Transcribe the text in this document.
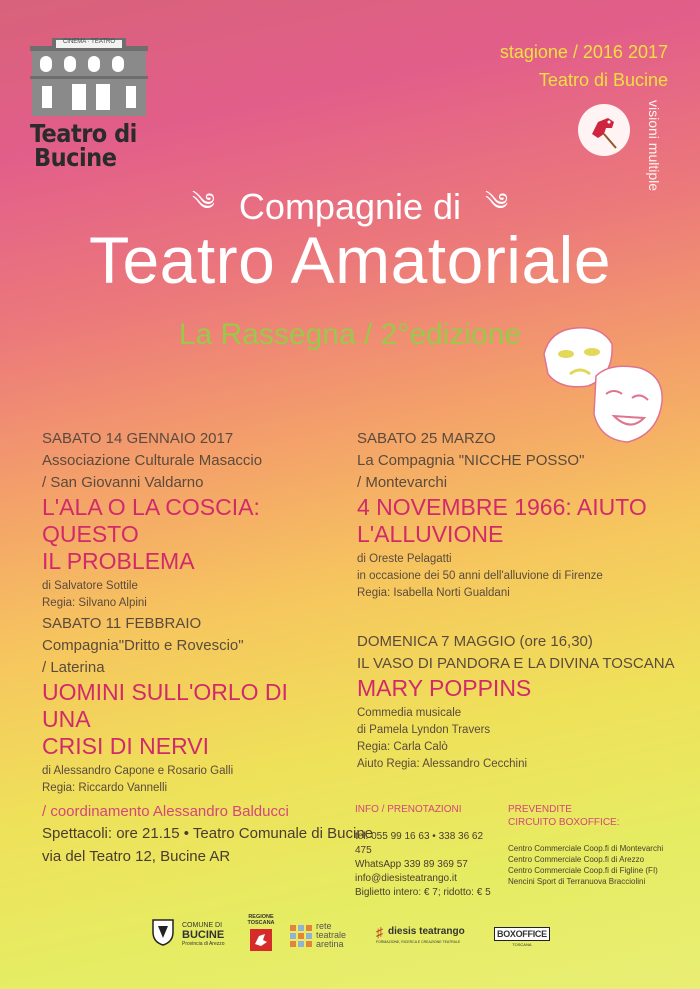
CINEMA · TEATRO
Teatro di
Bucine
stagione / 2016 2017
Teatro di Bucine
visioni multiple
༄ Compagnie di ༄
Teatro Amatoriale
La Rassegna / 2°edizione
SABATO 14 GENNAIO 2017
Associazione Culturale Masaccio
/ San Giovanni Valdarno
L'ALA O LA COSCIA: QUESTO
IL PROBLEMA
di Salvatore Sottile
Regia: Silvano Alpini
SABATO 11 FEBBRAIO
Compagnia"Dritto e Rovescio"
/ Laterina
UOMINI SULL'ORLO DI UNA
CRISI DI NERVI
di Alessandro Capone e Rosario Galli
Regia: Riccardo Vannelli
SABATO 25 MARZO
La Compagnia "NICCHE POSSO"
/ Montevarchi
4 NOVEMBRE 1966: AIUTO
L'ALLUVIONE
di Oreste Pelagatti
in occasione dei 50 anni dell'alluvione di Firenze
Regia: Isabella Norti Gualdani
DOMENICA 7 MAGGIO (ore 16,30)
IL VASO DI PANDORA E LA DIVINA TOSCANA
MARY POPPINS
Commedia musicale
di Pamela Lyndon Travers
Regia: Carla Calò
Aiuto Regia: Alessandro Cecchini
/ coordinamento Alessandro Balducci
Spettacoli: ore 21.15 • Teatro Comunale di Bucine
via del Teatro 12, Bucine AR
INFO / PRENOTAZIONI
tel. 055 99 16 63 • 338 36 62 475
WhatsApp 339 89 369 57
info@diesisteatrango.it
Biglietto intero: € 7; ridotto: € 5
PREVENDITE
CIRCUITO BOXOFFICE:
Centro Commerciale Coop.fi di Montevarchi
Centro Commerciale Coop.fi di Arezzo
Centro Commerciale Coop.fi di Figline (FI)
Nencini Sport di Terranuova Bracciolini
COMUNE DI
BUCINE
Provincia di Arezzo
REGIONE
TOSCANA	rete
teatrale
aretina
♯ diesis teatrango
FORMAZIONE, RICERCA E CREAZIONE TEATRALE
BOXOFFICE
TOSCANA
